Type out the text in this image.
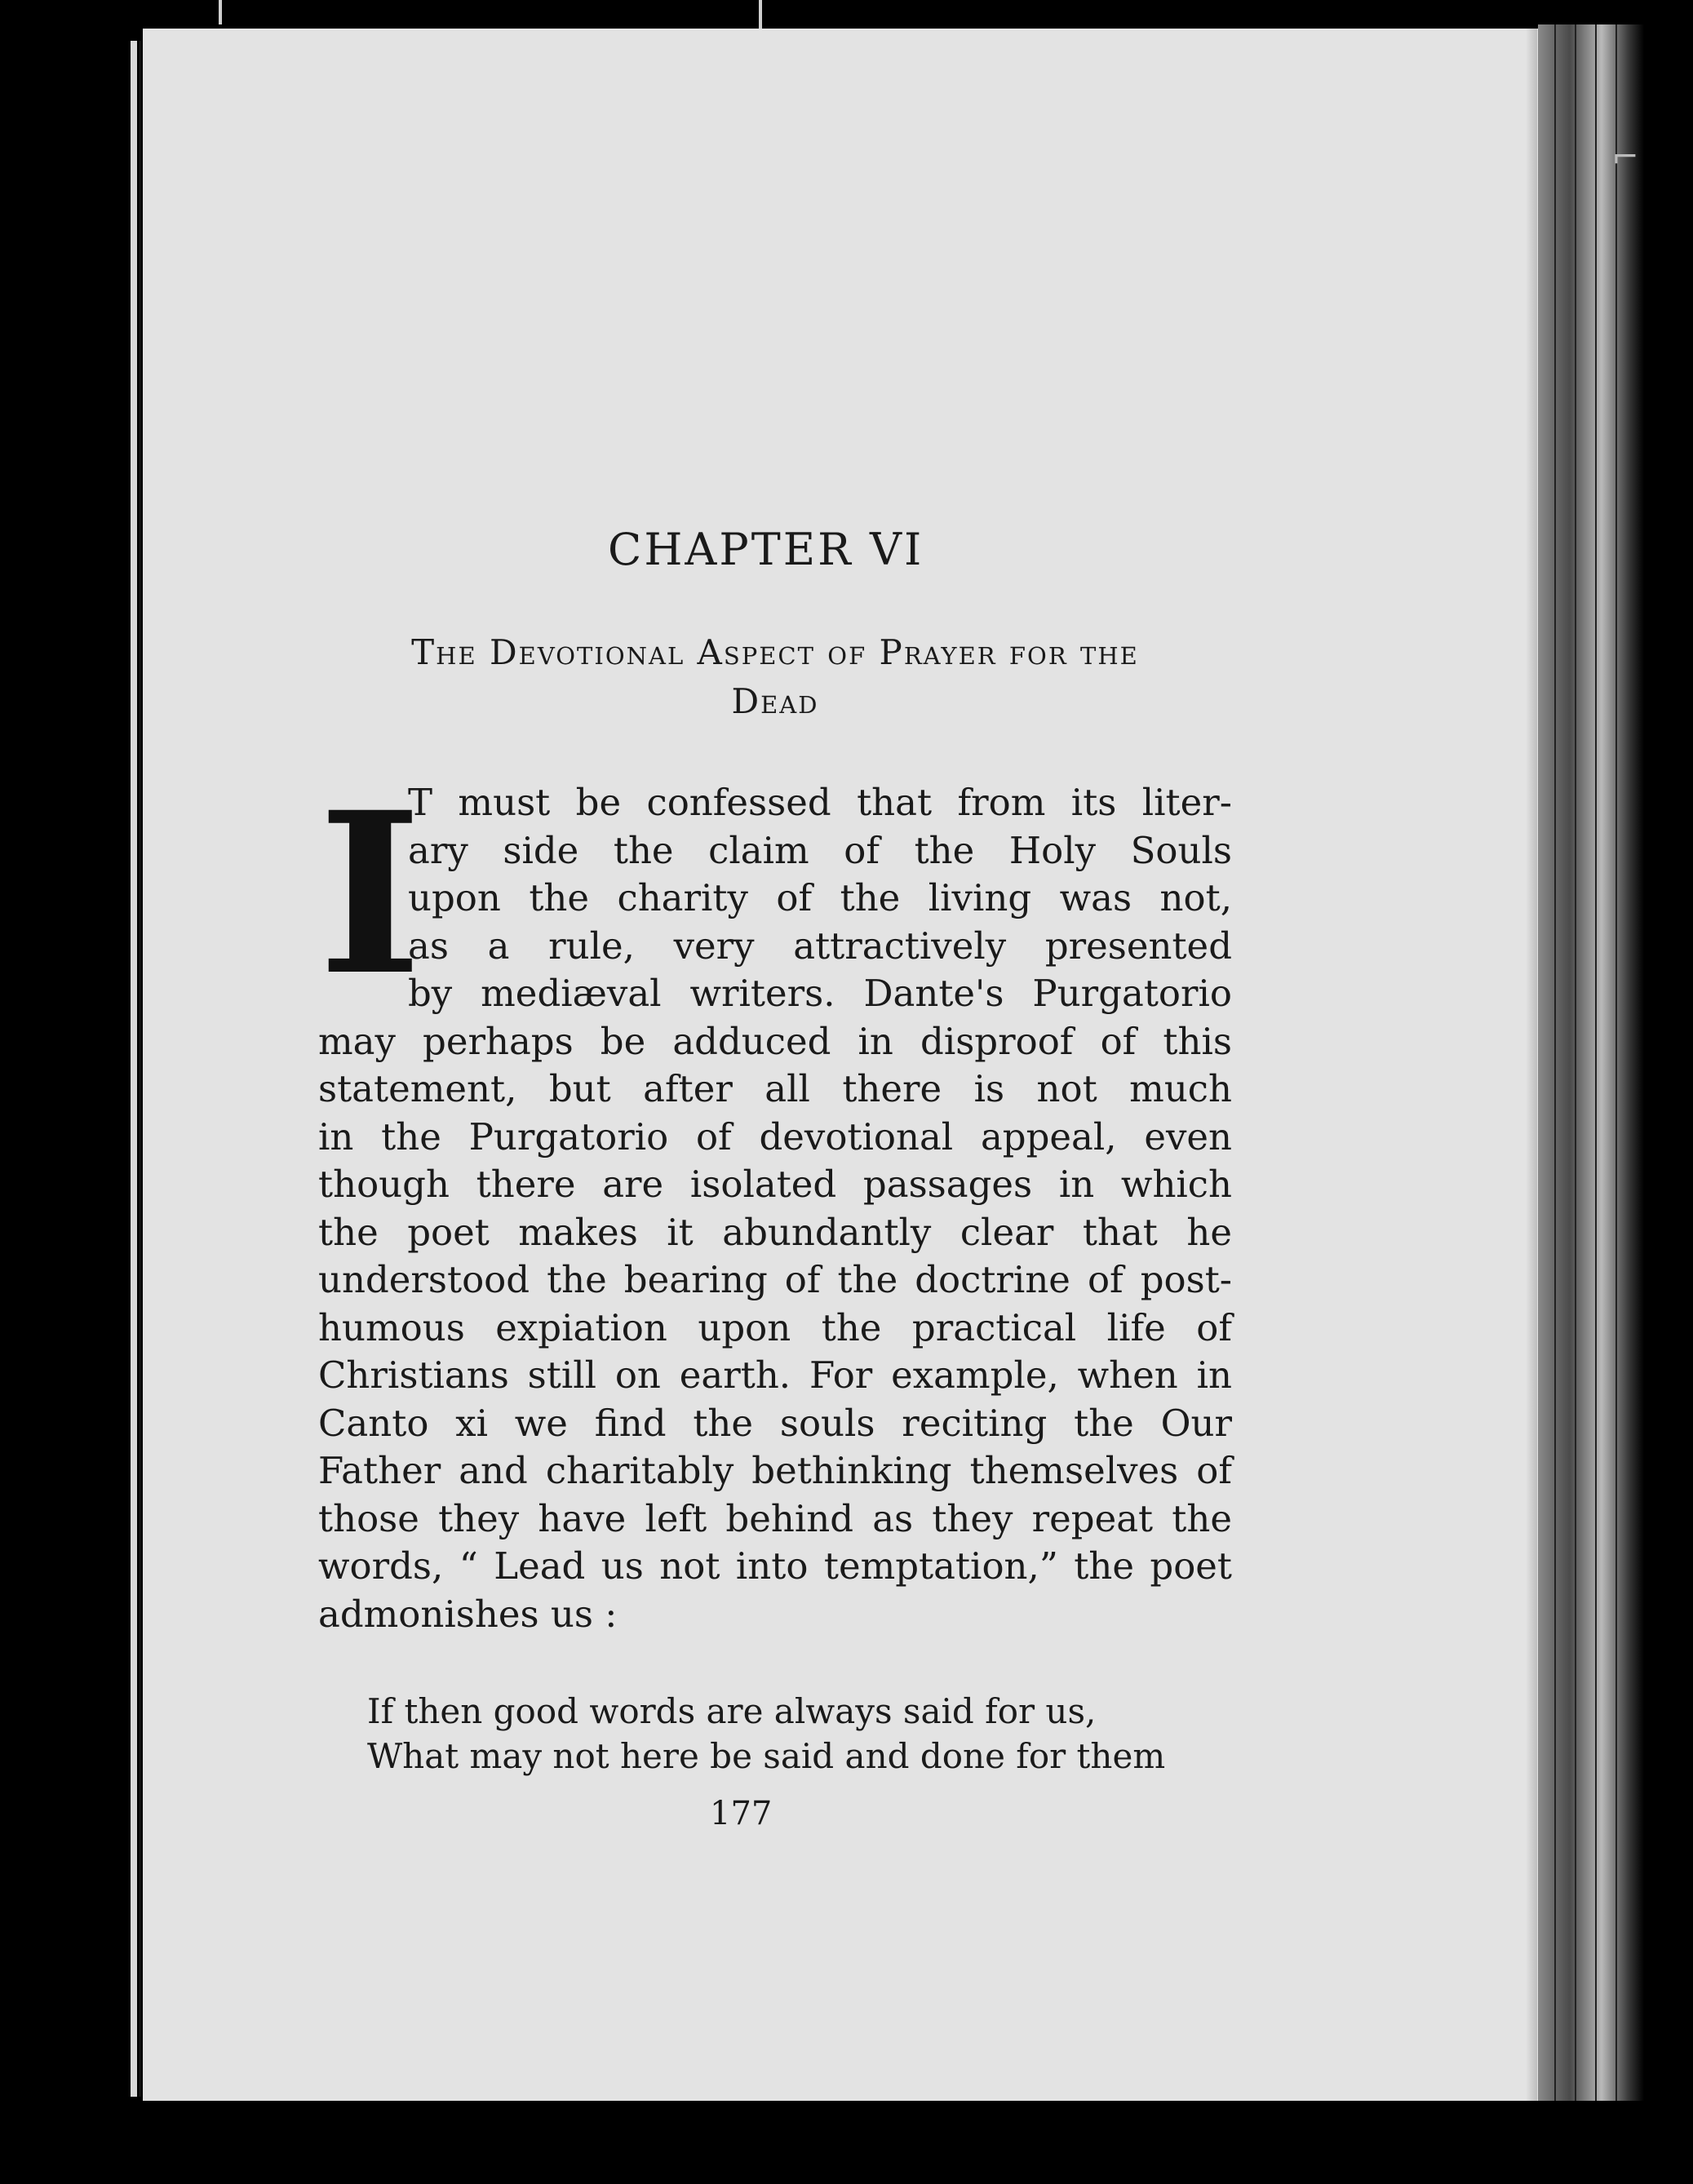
CHAPTER VI
The Devotional Aspect of Prayer for the
Dead
I
T must be confessed that from its liter-
ary side the claim of the Holy Souls
upon the charity of the living was not,
as a rule, very attractively presented
by mediæval writers. Dante's Purgatorio
may perhaps be adduced in disproof of this
statement, but after all there is not much
in the Purgatorio of devotional appeal, even
though there are isolated passages in which
the poet makes it abundantly clear that he
understood the bearing of the doctrine of post-
humous expiation upon the practical life of
Christians still on earth. For example, when in
Canto xi we find the souls reciting the Our
Father and charitably bethinking themselves of
those they have left behind as they repeat the
words, “ Lead us not into temptation,” the poet
admonishes us :
If then good words are always said for us,
What may not here be said and done for them
177
⌐
